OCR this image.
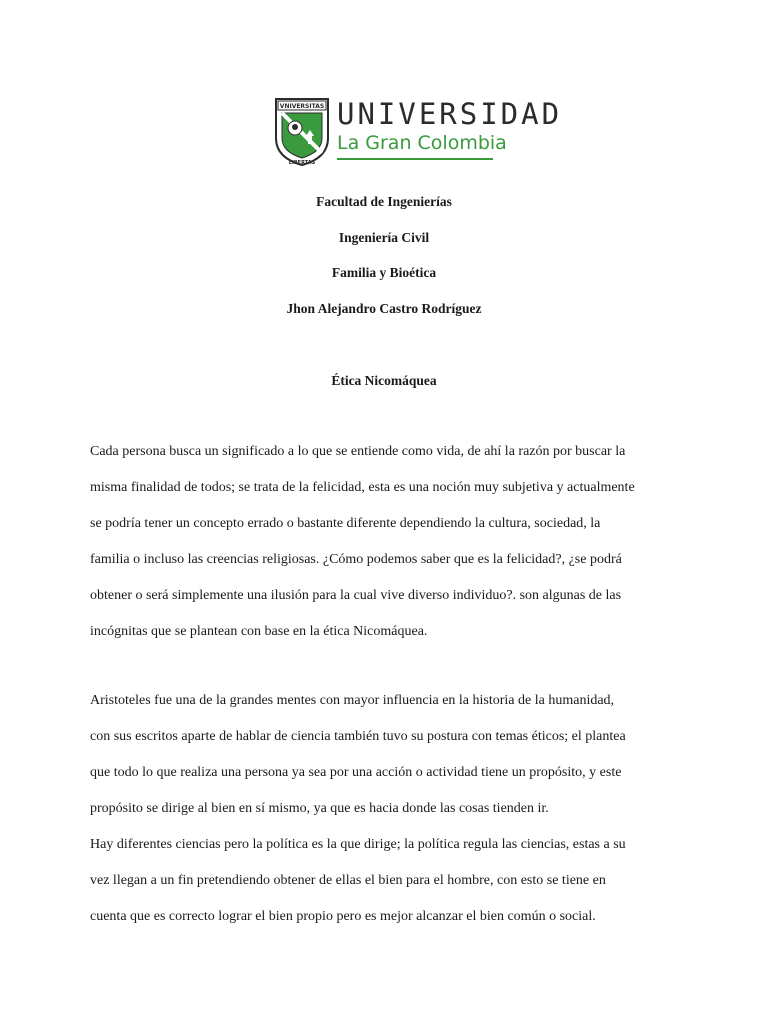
VNIVERSITAS
LIBERTAS
UNIVERSIDAD
La Gran Colombia
Facultad de Ingenierías
Ingeniería Civil
Familia y Bioética
Jhon Alejandro Castro Rodríguez
Ética Nicomáquea
Cada persona busca un significado a lo que se entiende como vida, de ahí la razón por buscar la
misma finalidad de todos; se trata de la felicidad, esta es una noción muy subjetiva y actualmente
se podría tener un concepto errado o bastante diferente dependiendo la cultura, sociedad, la
familia o incluso las creencias religiosas. ¿Cómo podemos saber que es la felicidad?, ¿se podrá
obtener o será simplemente una ilusión para la cual vive diverso individuo?. son algunas de las
incógnitas que se plantean con base en la ética Nicomáquea.
Aristoteles fue una de la grandes mentes con mayor influencia en la historia de la humanidad,
con sus escritos aparte de hablar de ciencia también tuvo su postura con temas éticos; el plantea
que todo lo que realiza una persona ya sea por una acción o actividad tiene un propósito, y este
propósito se dirige al bien en sí mismo, ya que es hacia donde las cosas tienden ir.
Hay diferentes ciencias pero la política es la que dirige; la política regula las ciencias, estas a su
vez llegan a un fin pretendiendo obtener de ellas el bien para el hombre, con esto se tiene en
cuenta que es correcto lograr el bien propio pero es mejor alcanzar el bien común o social.
